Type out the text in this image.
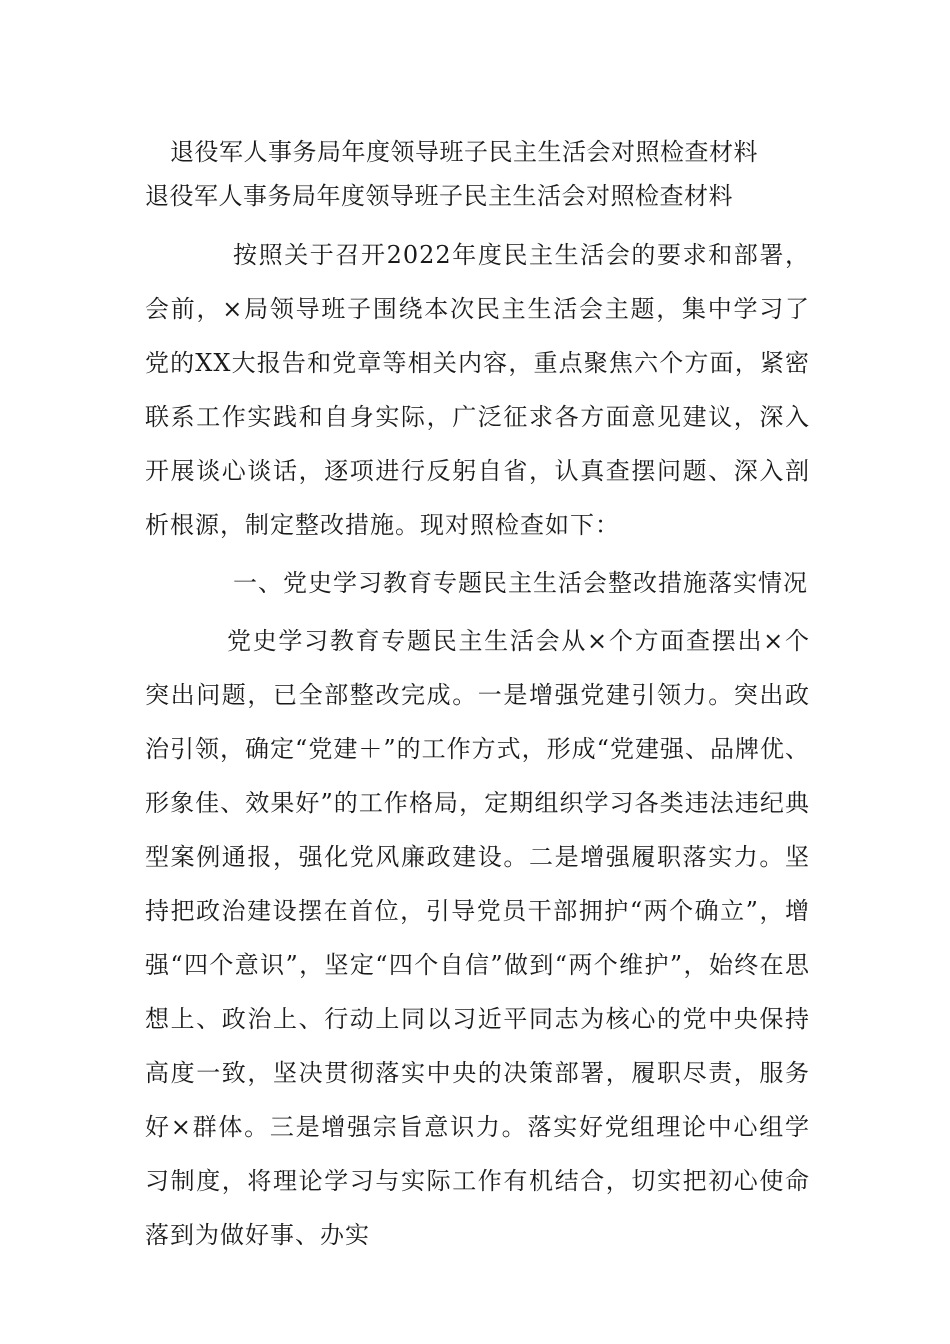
退役军人事务局年度领导班子民主生活会对照检查材料
退役军人事务局年度领导班子民主生活会对照检查材料

按照关于召开2022年度民主生活会的要求和部署，会前，×局领导班子围绕本次民主生活会主题，集中学习了党的XX大报告和党章等相关内容，重点聚焦六个方面，紧密联系工作实践和自身实际，广泛征求各方面意见建议，深入开展谈心谈话，逐项进行反躬自省，认真查摆问题、深入剖析根源，制定整改措施。现对照检查如下：

一、党史学习教育专题民主生活会整改措施落实情况

党史学习教育专题民主生活会从×个方面查摆出×个突出问题，已全部整改完成。一是增强党建引领力。突出政治引领，确定“党建＋”的工作方式，形成“党建强、品牌优、形象佳、效果好”的工作格局，定期组织学习各类违法违纪典型案例通报，强化党风廉政建设。二是增强履职落实力。坚持把政治建设摆在首位，引导党员干部拥护“两个确立”，增强“四个意识”，坚定“四个自信”做到“两个维护”，始终在思想上、政治上、行动上同以习近平同志为核心的党中央保持高度一致，坚决贯彻落实中央的决策部署，履职尽责，服务好×群体。三是增强宗旨意识力。落实好党组理论中心组学习制度，将理论学习与实际工作有机结合，切实把初心使命落到为做好事、办实
